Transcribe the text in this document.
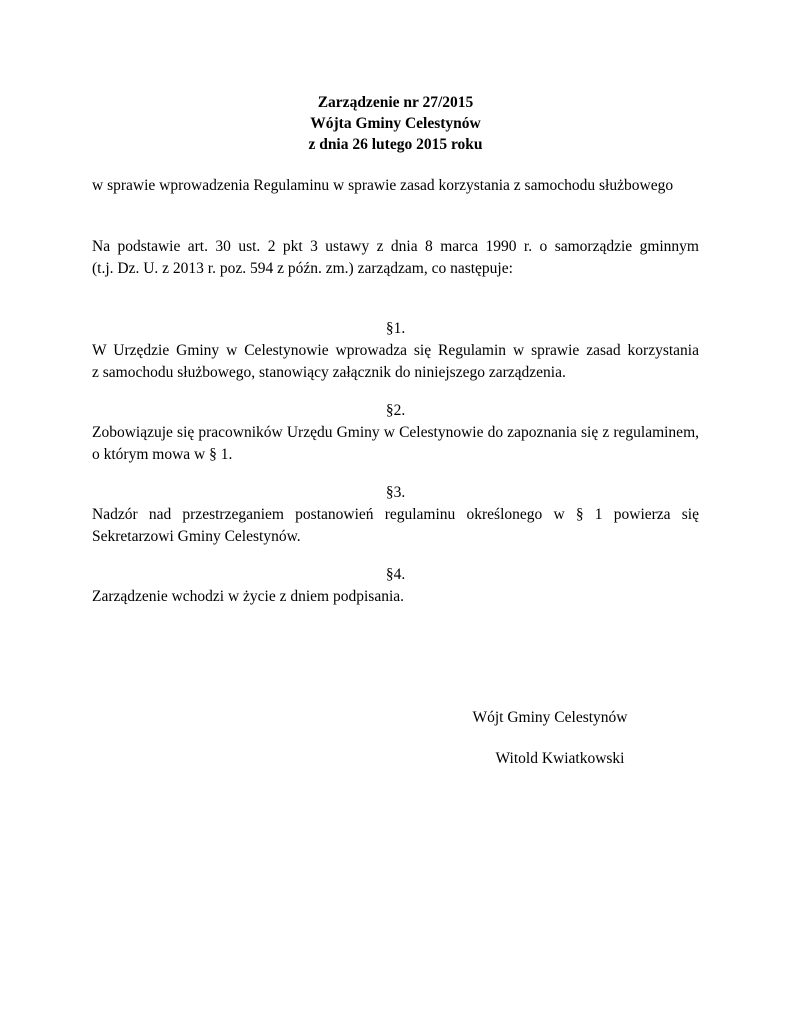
Zarządzenie nr 27/2015
Wójta Gminy Celestynów
z dnia 26 lutego 2015 roku
w sprawie wprowadzenia Regulaminu w sprawie zasad korzystania z samochodu służbowego
Na podstawie art. 30 ust. 2 pkt 3 ustawy z dnia 8 marca 1990 r. o samorządzie gminnym
(t.j. Dz. U. z 2013 r. poz. 594 z późn. zm.) zarządzam, co następuje:
§1.
W Urzędzie Gminy w Celestynowie wprowadza się Regulamin w sprawie zasad korzystania
z samochodu służbowego, stanowiący załącznik do niniejszego zarządzenia.
§2.
Zobowiązuje się pracowników Urzędu Gminy w Celestynowie do zapoznania się z regulaminem,
o którym mowa w § 1.
§3.
Nadzór nad przestrzeganiem postanowień regulaminu określonego w § 1 powierza się
Sekretarzowi Gminy Celestynów.
§4.
Zarządzenie wchodzi w życie z dniem podpisania.
Wójt Gminy Celestynów
Witold Kwiatkowski
